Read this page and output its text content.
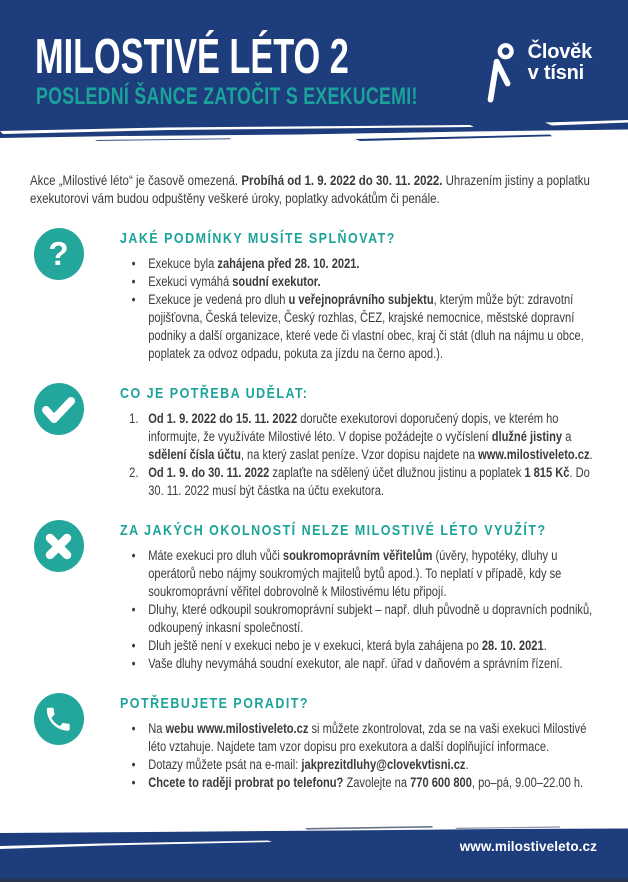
MILOSTIVÉ LÉTO 2
POSLEDNÍ ŠANCE ZATOČIT S EXEKUCEMI!
Člověk
v tísni

Akce „Milostivé léto“ je časově omezená. Probíhá od 1. 9. 2022 do 30. 11. 2022. Uhrazením jistiny a poplatku exekutorovi vám budou odpuštěny veškeré úroky, poplatky advokátům či penále.

?	JAKÉ PODMÍNKY MUSÍTE SPLŇOVAT?
• Exekuce byla zahájena před 28. 10. 2021.
• Exekuci vymáhá soudní exekutor.
• Exekuce je vedená pro dluh u veřejnoprávního subjektu, kterým může být: zdravotní pojišťovna, Česká televize, Český rozhlas, ČEZ, krajské nemocnice, městské dopravní podniky a další organizace, které vede či vlastní obec, kraj či stát (dluh na nájmu u obce, poplatek za odvoz odpadu, pokuta za jízdu na černo apod.).
CO JE POTŘEBA UDĚLAT:
Od 1. 9. 2022 do 15. 11. 2022 doručte exekutorovi doporučený dopis, ve kterém ho informujte, že využíváte Milostivé léto. V dopise požádejte o vyčíslení dlužné jistiny a sdělení čísla účtu, na který zaslat peníze. Vzor dopisu najdete na www.milostiveleto.cz.
Od 1. 9. do 30. 11. 2022 zaplaťte na sdělený účet dlužnou jistinu a poplatek 1 815 Kč. Do 30. 11. 2022 musí být částka na účtu exekutora.
ZA JAKÝCH OKOLNOSTÍ NELZE MILOSTIVÉ LÉTO VYUŽÍT?
• Máte exekuci pro dluh vůči soukromoprávním věřitelům (úvěry, hypotéky, dluhy u operátorů nebo nájmy soukromých majitelů bytů apod.). To neplatí v případě, kdy se soukromoprávní věřitel dobrovolně k Milostivému létu připojí.
• Dluhy, které odkoupil soukromoprávní subjekt – např. dluh původně u dopravních podniků, odkoupený inkasní společností.
• Dluh ještě není v exekuci nebo je v exekuci, která byla zahájena po 28. 10. 2021.
• Vaše dluhy nevymáhá soudní exekutor, ale např. úřad v daňovém a správním řízení.
POTŘEBUJETE PORADIT?
• Na webu www.milostiveleto.cz si můžete zkontrolovat, zda se na vaši exekuci Milostivé léto vztahuje. Najdete tam vzor dopisu pro exekutora a další doplňující informace.
• Dotazy můžete psát na e-mail: jakprezitdluhy@clovekvtisni.cz.
• Chcete to raději probrat po telefonu? Zavolejte na 770 600 800, po–pá, 9.00–22.00 h.
www.milostiveleto.cz
